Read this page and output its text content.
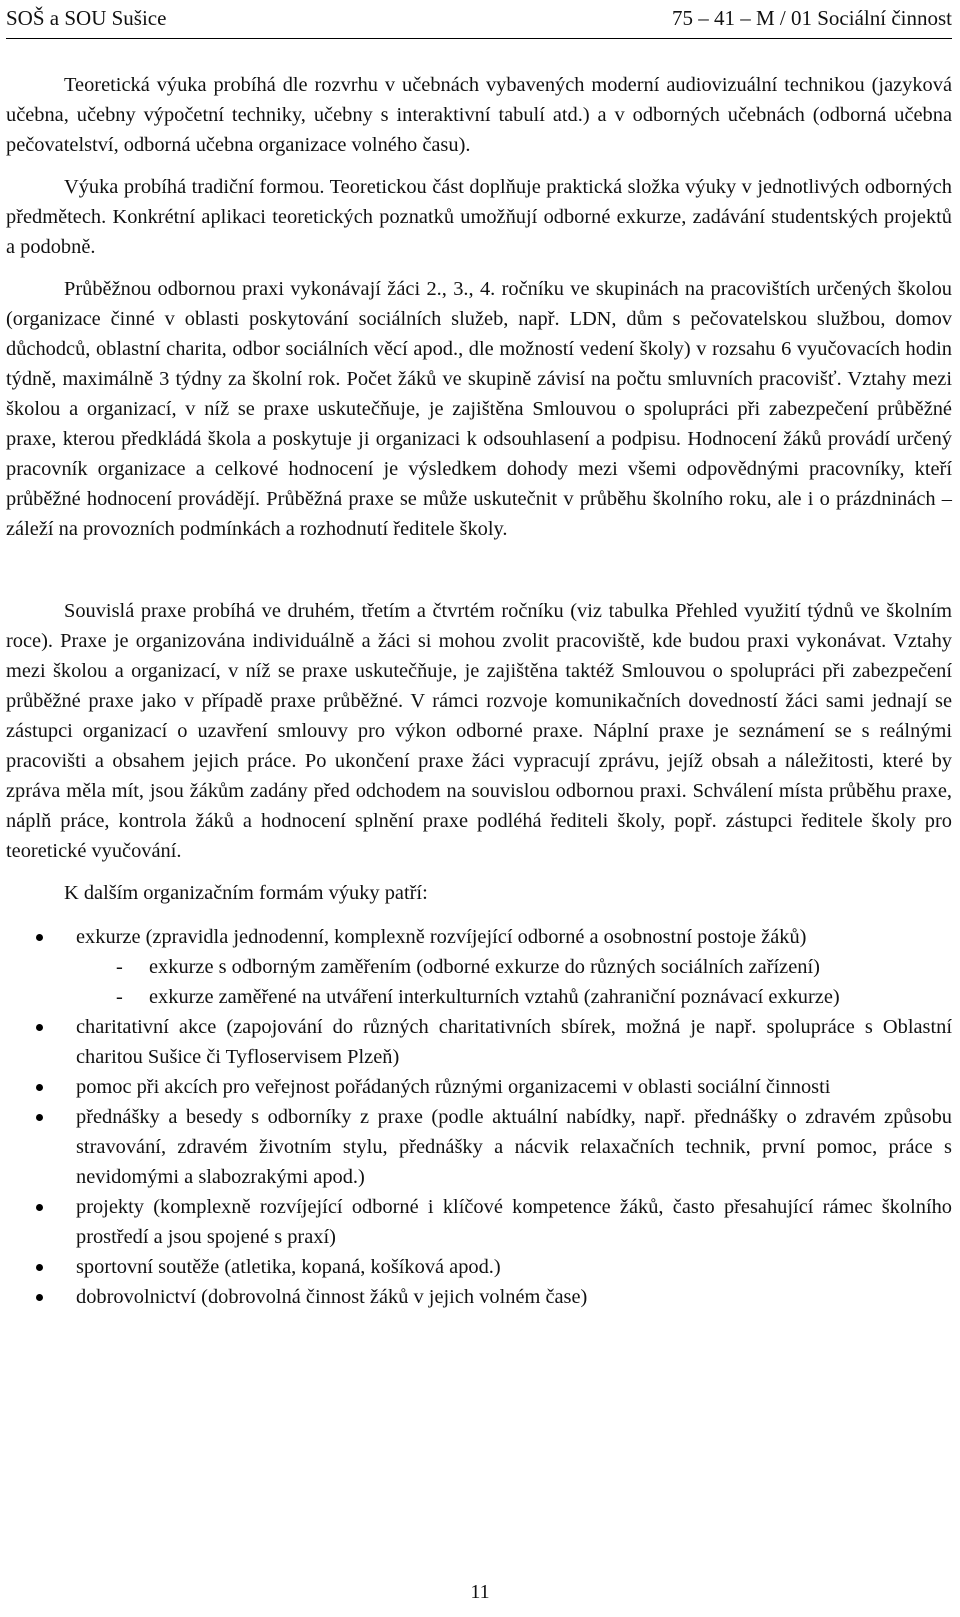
SOŠ a SOU Sušice	75 – 41 – M / 01 Sociální činnost

Teoretická výuka probíhá dle rozvrhu v učebnách vybavených moderní audiovizuální technikou (jazyková učebna, učebny výpočetní techniky, učebny s interaktivní tabulí atd.) a v odborných učebnách (odborná učebna pečovatelství, odborná učebna organizace volného času).

Výuka probíhá tradiční formou. Teoretickou část doplňuje praktická složka výuky v jednotlivých odborných předmětech. Konkrétní aplikaci teoretických poznatků umožňují odborné exkurze, zadávání studentských projektů a podobně.

Průběžnou odbornou praxi vykonávají žáci 2., 3., 4. ročníku ve skupinách na pracovištích určených školou (organizace činné v oblasti poskytování sociálních služeb, např. LDN, dům s pečovatelskou službou, domov důchodců, oblastní charita, odbor sociálních věcí apod., dle možností vedení školy) v rozsahu 6 vyučovacích hodin týdně, maximálně 3 týdny za školní rok. Počet žáků ve skupině závisí na počtu smluvních pracovišť. Vztahy mezi školou a organizací, v níž se praxe uskutečňuje, je zajištěna Smlouvou o spolupráci při zabezpečení průběžné praxe, kterou předkládá škola a poskytuje ji organizaci k odsouhlasení a podpisu. Hodnocení žáků provádí určený pracovník organizace a celkové hodnocení je výsledkem dohody mezi všemi odpovědnými pracovníky, kteří průběžné hodnocení provádějí. Průběžná praxe se může uskutečnit v průběhu školního roku, ale i o prázdninách – záleží na provozních podmínkách a rozhodnutí ředitele školy.

Souvislá praxe probíhá ve druhém, třetím a čtvrtém ročníku (viz tabulka Přehled využití týdnů ve školním roce). Praxe je organizována individuálně a žáci si mohou zvolit pracoviště, kde budou praxi vykonávat. Vztahy mezi školou a organizací, v níž se praxe uskutečňuje, je zajištěna taktéž Smlouvou o spolupráci při zabezpečení průběžné praxe jako v případě praxe průběžné. V rámci rozvoje komunikačních dovedností žáci sami jednají se zástupci organizací o uzavření smlouvy pro výkon odborné praxe. Náplní praxe je seznámení se s reálnými pracovišti a obsahem jejich práce. Po ukončení praxe žáci vypracují zprávu, jejíž obsah a náležitosti, které by zpráva měla mít, jsou žákům zadány před odchodem na souvislou odbornou praxi. Schválení místa průběhu praxe, náplň práce, kontrola žáků a hodnocení splnění praxe podléhá řediteli školy, popř. zástupci ředitele školy pro teoretické vyučování.

K dalším organizačním formám výuky patří:

exkurze (zpravidla jednodenní, komplexně rozvíjející odborné a osobnostní postoje žáků)
- exkurze s odborným zaměřením (odborné exkurze do různých sociálních zařízení)
- exkurze zaměřené na utváření interkulturních vztahů (zahraniční poznávací exkurze)
charitativní akce (zapojování do různých charitativních sbírek, možná je např. spolupráce s Oblastní charitou Sušice či Tyfloservisem Plzeň)
pomoc při akcích pro veřejnost pořádaných různými organizacemi v oblasti sociální činnosti
přednášky a besedy s odborníky z praxe (podle aktuální nabídky, např. přednášky o zdravém způsobu stravování, zdravém životním stylu, přednášky a nácvik relaxačních technik, první pomoc, práce s nevidomými a slabozrakými apod.)
projekty (komplexně rozvíjející odborné i klíčové kompetence žáků, často přesahující rámec školního prostředí a jsou spojené s praxí)
sportovní soutěže (atletika, kopaná, košíková apod.)
dobrovolnictví (dobrovolná činnost žáků v jejich volném čase)
11
